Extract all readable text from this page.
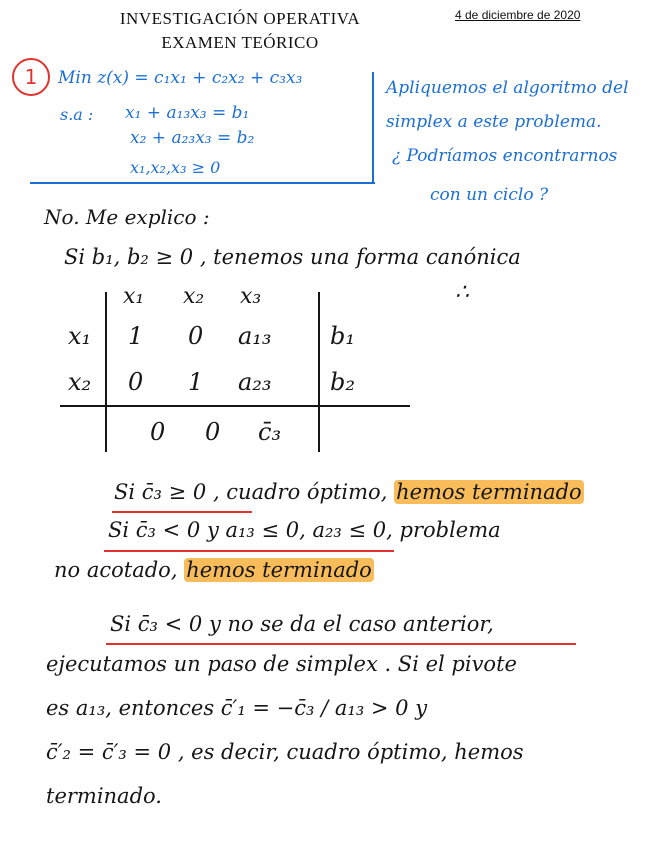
INVESTIGACIÓN OPERATIVA
EXAMEN TEÓRICO
4 de diciembre de 2020
1	Min z(x) = c₁x₁ + c₂x₂ + c₃x₃
s.a : x₁ + a₁₃x₃ = b₁
x₂ + a₂₃x₃ = b₂
x₁,x₂,x₃ ≥ 0
Apliquemos el algoritmo del
simplex a este problema.
¿ Podríamos encontrarnos
con un ciclo ?
No. Me explico :
Si b₁, b₂ ≥ 0 , tenemos una forma canónica
∴
x₁ x₂ x₃
x₁ 1 0 a₁₃ b₁
x₂ 0 1 a₂₃ b₂
0 0 c̄₃
Si c̄₃ ≥ 0 , cuadro óptimo, hemos terminado
Si c̄₃ < 0 y a₁₃ ≤ 0, a₂₃ ≤ 0, problema
no acotado, hemos terminado
Si c̄₃ < 0 y no se da el caso anterior,
ejecutamos un paso de simplex . Si el pivote
es a₁₃, entonces c̄′₁ = −c̄₃ / a₁₃ > 0 y
c̄′₂ = c̄′₃ = 0 , es decir, cuadro óptimo, hemos
terminado.
